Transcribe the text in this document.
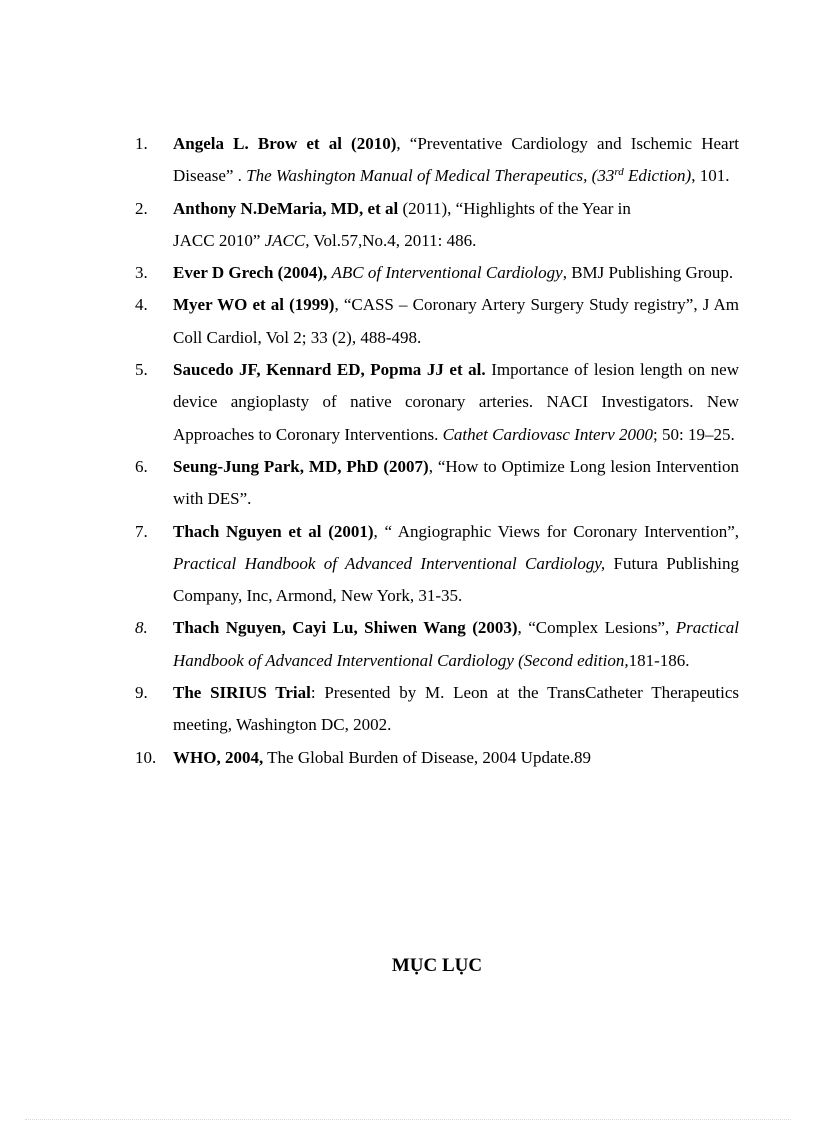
1. Angela L. Brow et al (2010), “Preventative Cardiology and Ischemic Heart Disease” . The Washington Manual of Medical Therapeutics, (33rd Ediction), 101.
2. Anthony N.DeMaria, MD, et al (2011), “Highlights of the Year in
JACC 2010” JACC, Vol.57,No.4, 2011: 486.
3. Ever D Grech (2004), ABC of Interventional Cardiology, BMJ Publishing Group.
4. Myer WO et al (1999), “CASS – Coronary Artery Surgery Study registry”, J Am Coll Cardiol, Vol 2; 33 (2), 488-498.
5. Saucedo JF, Kennard ED, Popma JJ et al. Importance of lesion length on new device angioplasty of native coronary arteries. NACI Investigators. New Approaches to Coronary Interventions. Cathet Cardiovasc Interv 2000; 50: 19–25.
6. Seung-Jung Park, MD, PhD (2007), “How to Optimize Long lesion Intervention with DES”.
7. Thach Nguyen et al (2001), “ Angiographic Views for Coronary Intervention”, Practical Handbook of Advanced Interventional Cardiology, Futura Publishing Company, Inc, Armond, New York, 31-35.
8. Thach Nguyen, Cayi Lu, Shiwen Wang (2003), “Complex Lesions”, Practical Handbook of Advanced Interventional Cardiology (Second edition,181-186.
9. The SIRIUS Trial: Presented by M. Leon at the TransCatheter Therapeutics meeting, Washington DC, 2002.
10. WHO, 2004, The Global Burden of Disease, 2004 Update.89
MỤC LỤC
